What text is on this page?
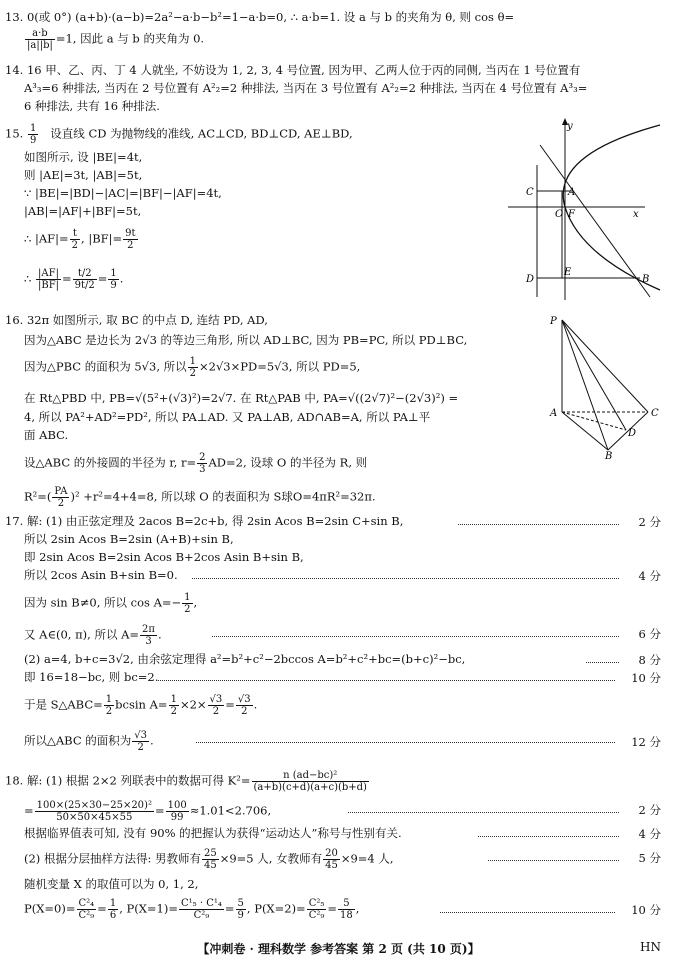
13. 0(或 0°) (a+b)·(a−b)=2a²−a·b−b²=1−a·b=0, ∴ a·b=1. 设 a 与 b 的夹角为 θ, 则 cos θ=
$\frac{a\cdot b}{|a||b|} =1$, 因此 a 与 b 的夹角为 0.
14. 16 甲、乙、丙、丁 4 人就坐, 不妨设为 1, 2, 3, 4 号位置, 因为甲、乙两人位于丙的同侧, 当丙在 1 号位置有
A³₃=6 种排法, 当丙在 2 号位置有 A²₂=2 种排法, 当丙在 3 号位置有 A²₂=2 种排法, 当丙在 4 号位置有 A³₃=
6 种排法, 共有 16 种排法.
15. $\frac{1}{9}$ 设直线 CD 为抛物线的准线, AC⊥CD, BD⊥CD, AE⊥BD,
如图所示, 设 |BE|=4t,
则 |AE|=3t, |AB|=5t,
∵ |BE|=|BD|−|AC|=|BF|−|AF|=4t,
|AB|=|AF|+|BF|=5t,
∴ $|AF|= \frac{t}{2}$ , $|BF|= \frac{9t}{2}$
∴ $\frac{|AF|}{|BF|} = \frac{t/2}{9t/2} = \frac{1}{9}$ .
y
x
C	A
O F
D
E
B
16. 32π 如图所示, 取 BC 的中点 D, 连结 PD, AD,
因为△ABC 是边长为 2√3 的等边三角形, 所以 AD⊥BC, 因为 PB=PC, 所以 PD⊥BC,
因为△PBC 的面积为 5√3, 所以 $\frac{1}{2} \times 2√3\times PD=5√3$, 所以 PD=5,
在 Rt△PBD 中, PB=√(5²+(√3)²)=2√7. 在 Rt△PAB 中, PA=√((2√7)²−(2√3)²) =
4, 所以 PA²+AD²=PD², 所以 PA⊥AD. 又 PA⊥AB, AD∩AB=A, 所以 PA⊥平
面 ABC.
设△ABC 的外接圆的半径为 r, $r= \frac{2}{3} AD=2$, 设球 O 的半径为 R, 则
$R^2=( \frac{PA}{2} )^2 +r^2=4+4=8$, 所以球 O 的表面积为 S球O=4πR²=32π.
P
A	C
D
B
17. 解: (1) 由正弦定理及 2acos B=2c+b, 得 2sin Acos B=2sin C+sin B,	2 分
所以 2sin Acos B=2sin (A+B)+sin B,
即 2sin Acos B=2sin Acos B+2cos Asin B+sin B,
所以 2cos Asin B+sin B=0.	4 分
因为 sin B≠0, 所以 $\cos A=- \frac{1}{2}$ ,
又 A∈(0, π), 所以 $A= \frac{2\pi}{3}$ .	6 分
(2) a=4, b+c=3√2, 由余弦定理得 a²=b²+c²−2bccos A=b²+c²+bc=(b+c)²−bc,	8 分
即 16=18−bc, 则 bc=2.	10 分
于是 S△ABC= $\frac{1}{2}$ bcsin $A= \frac{1}{2} \times 2\times \frac{√3}{2} = \frac{√3}{2}$ .
所以△ABC 的面积为 $\frac{√3}{2}$ .	12 分
18. 解: (1) 根据 2×2 列联表中的数据可得 $K^2= \frac{\text{n (ad−bc)²}}{(a+b)(c+d)(a+c)(b+d)}$
= $\frac{\text{100×(25×30−25×20)²}}{50\times 50\times 45\times 55} = \frac{100}{99} \approx 1.01<2.706$,	2 分
根据临界值表可知, 没有 90% 的把握认为获得“运动达人”称号与性别有关.	4 分
(2) 根据分层抽样方法得: 男教师有 $\frac{25}{45} \times 9=5$ 人, 女教师有 $\frac{20}{45} \times 9=4$ 人,	5 分
随机变量 X 的取值可以为 0, 1, 2,
$P(X=0)= \frac{\text{C²₄}}{\text{C²₉}} = \frac{1}{6}$ , $P(X=1)= \frac{\text{C¹₅ · C¹₄}}{\text{C²₉}} = \frac{5}{9}$ , $P(X=2)= \frac{\text{C²₅}}{\text{C²₉}} = \frac{5}{18}$ ,	10 分
【冲刺卷 · 理科数学 参考答案 第 2 页 (共 10 页)】	HN
